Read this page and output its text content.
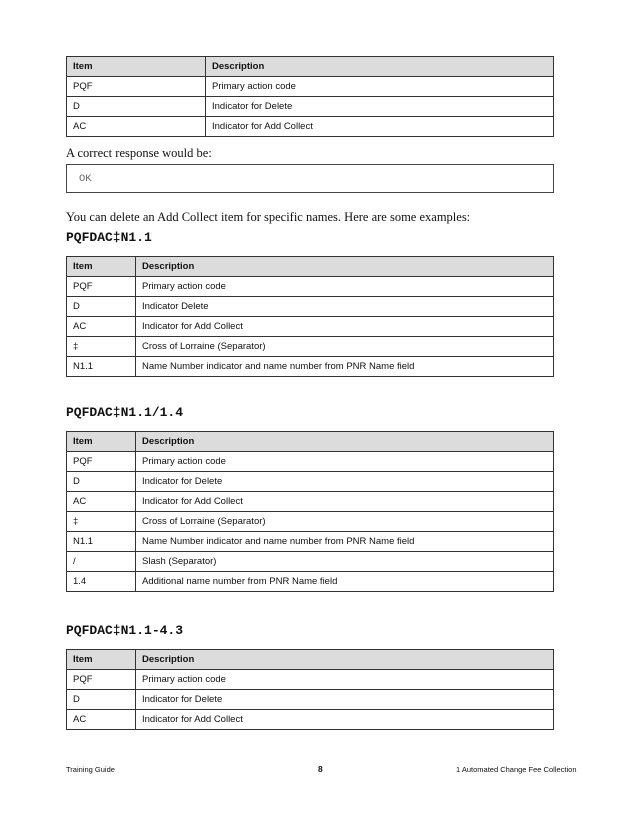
Item	Description
PQF	Primary action code
D	Indicator for Delete
AC	Indicator for Add Collect
A correct response would be:
OK
You can delete an Add Collect item for specific names. Here are some examples:
PQFDAC‡N1.1
Item	Description
PQF	Primary action code
D	Indicator Delete
AC	Indicator for Add Collect
‡	Cross of Lorraine (Separator)
N1.1	Name Number indicator and name number from PNR Name field
PQFDAC‡N1.1/1.4
Item	Description
PQF	Primary action code
D	Indicator for Delete
AC	Indicator for Add Collect
‡	Cross of Lorraine (Separator)
N1.1	Name Number indicator and name number from PNR Name field
/	Slash (Separator)
1.4	Additional name number from PNR Name field
PQFDAC‡N1.1-4.3
Item	Description
PQF	Primary action code
D	Indicator for Delete
AC	Indicator for Add Collect
Training Guide	8	1 Automated Change Fee Collection
